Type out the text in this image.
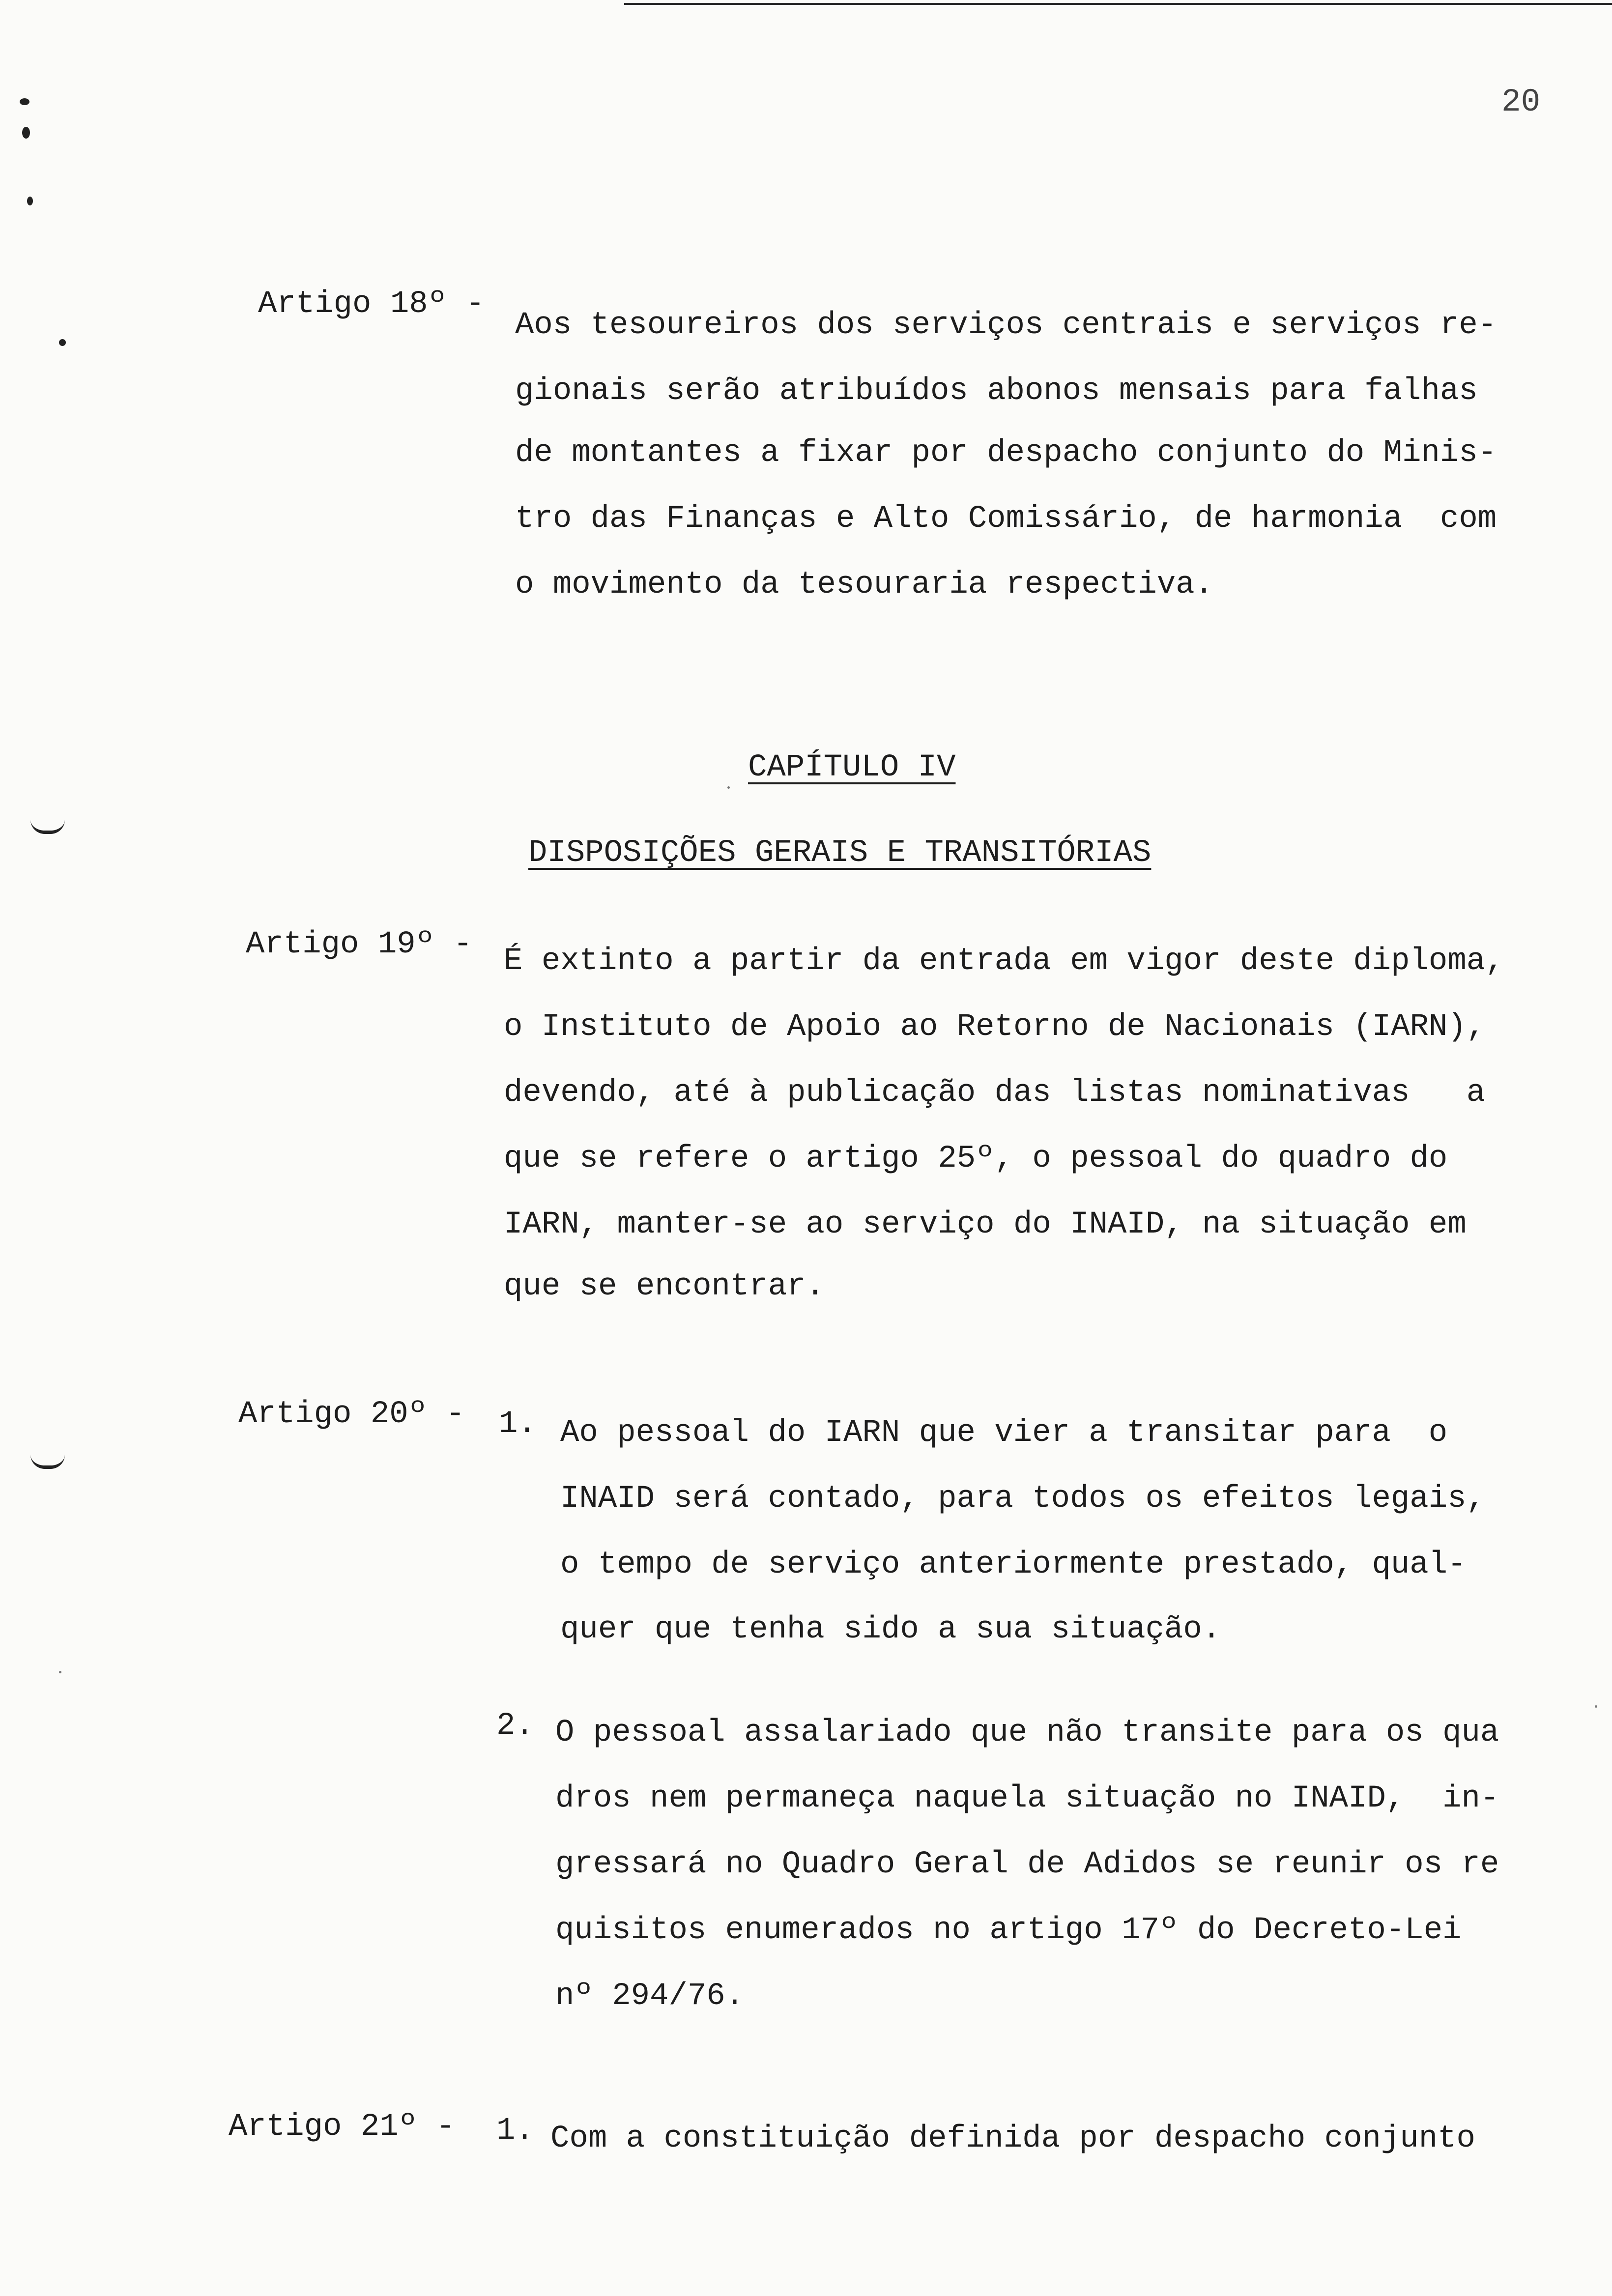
20
Artigo 18º -
Aos tesoureiros dos serviços centrais e serviços re-
gionais serão atribuídos abonos mensais para falhas
de montantes a fixar por despacho conjunto do Minis-
tro das Finanças e Alto Comissário, de harmonia  com
o movimento da tesouraria respectiva.
CAPÍTULO IV
DISPOSIÇÕES GERAIS E TRANSITÓRIAS
Artigo 19º - É extinto a partir da entrada em vigor deste diploma,
o Instituto de Apoio ao Retorno de Nacionais (IARN),
devendo, até à publicação das listas nominativas   a
que se refere o artigo 25º, o pessoal do quadro do
IARN, manter-se ao serviço do INAID, na situação em
que se encontrar.
Artigo 20º - 1. Ao pessoal do IARN que vier a transitar para  o
INAID será contado, para todos os efeitos legais,
o tempo de serviço anteriormente prestado, qual-
quer que tenha sido a sua situação.
2. O pessoal assalariado que não transite para os qua
dros nem permaneça naquela situação no INAID,  in-
gressará no Quadro Geral de Adidos se reunir os re
quisitos enumerados no artigo 17º do Decreto-Lei
nº 294/76.
Artigo 21º - 1. Com a constituição definida por despacho conjunto
